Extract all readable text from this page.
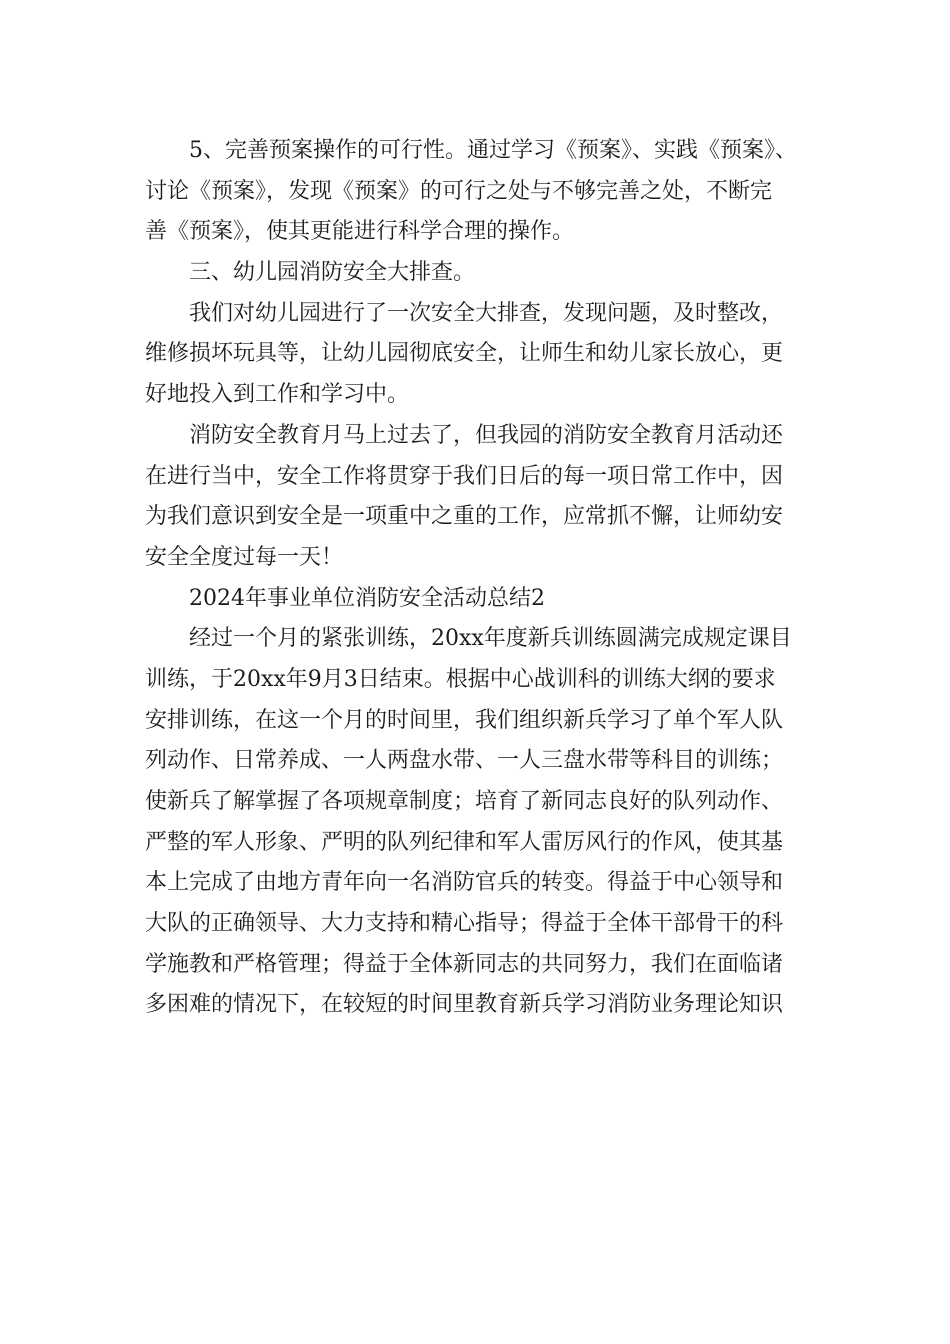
5、完善预案操作的可行性。通过学习《预案》、实践《预案》、
讨论《预案》，发现《预案》的可行之处与不够完善之处，不断完
善《预案》，使其更能进行科学合理的操作。
三、幼儿园消防安全大排查。
我们对幼儿园进行了一次安全大排查，发现问题，及时整改，
维修损坏玩具等，让幼儿园彻底安全，让师生和幼儿家长放心，更
好地投入到工作和学习中。
消防安全教育月马上过去了，但我园的消防安全教育月活动还
在进行当中，安全工作将贯穿于我们日后的每一项日常工作中，因
为我们意识到安全是一项重中之重的工作，应常抓不懈，让师幼安
安全全度过每一天！
2024年事业单位消防安全活动总结2
经过一个月的紧张训练，20xx年度新兵训练圆满完成规定课目
训练，于20xx年9月3日结束。根据中心战训科的训练大纲的要求
安排训练，在这一个月的时间里，我们组织新兵学习了单个军人队
列动作、日常养成、一人两盘水带、一人三盘水带等科目的训练；
使新兵了解掌握了各项规章制度；培育了新同志良好的队列动作、
严整的军人形象、严明的队列纪律和军人雷厉风行的作风，使其基
本上完成了由地方青年向一名消防官兵的转变。得益于中心领导和
大队的正确领导、大力支持和精心指导；得益于全体干部骨干的科
学施教和严格管理；得益于全体新同志的共同努力，我们在面临诸
多困难的情况下，在较短的时间里教育新兵学习消防业务理论知识
